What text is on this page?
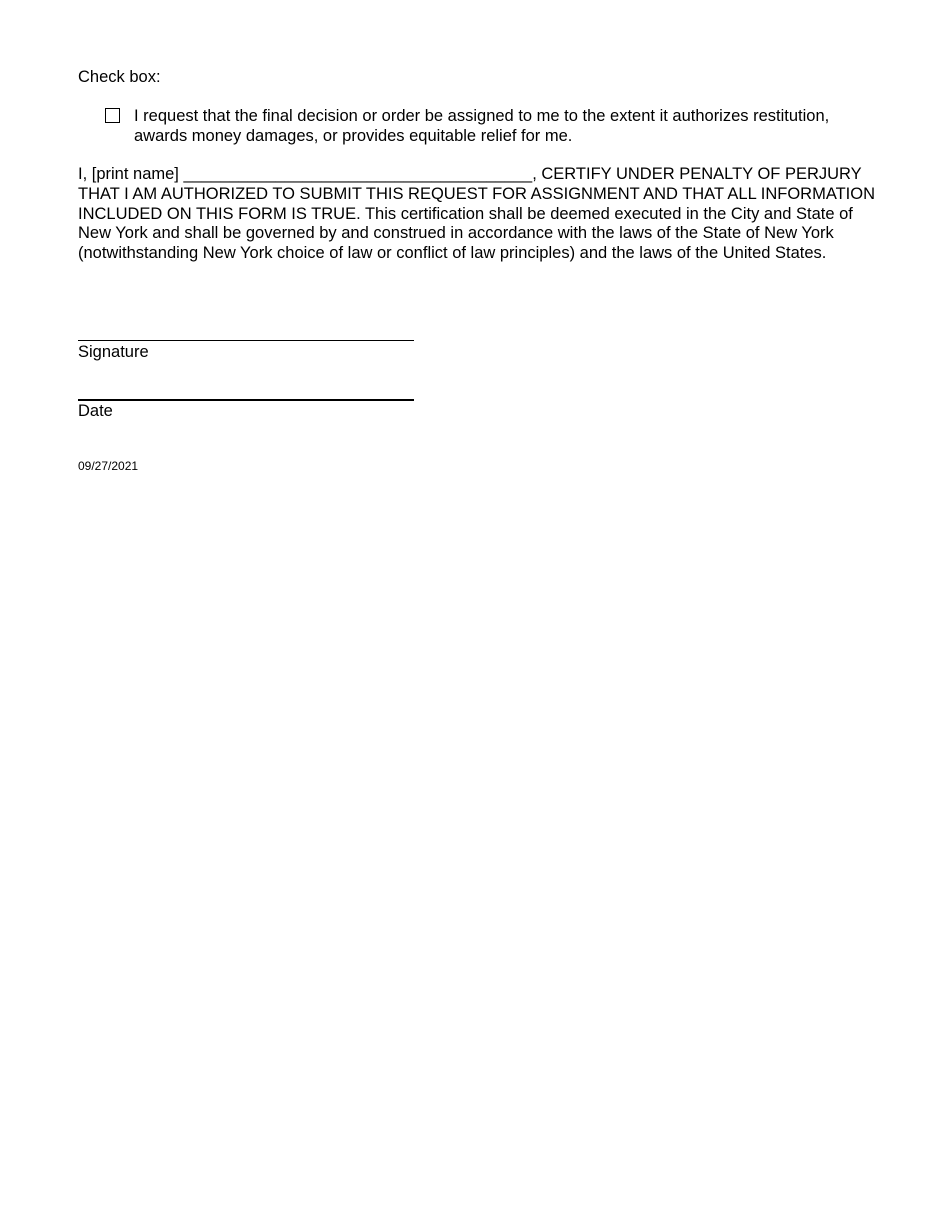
Check box:
I request that the final decision or order be assigned to me to the extent it authorizes restitution, awards money damages, or provides equitable relief for me.
I, [print name] ______________________________________, CERTIFY UNDER PENALTY OF PERJURY THAT I AM AUTHORIZED TO SUBMIT THIS REQUEST FOR ASSIGNMENT AND THAT ALL INFORMATION INCLUDED ON THIS FORM IS TRUE. This certification shall be deemed executed in the City and State of New York and shall be governed by and construed in accordance with the laws of the State of New York (notwithstanding New York choice of law or conflict of law principles) and the laws of the United States.
Signature
Date
09/27/2021
